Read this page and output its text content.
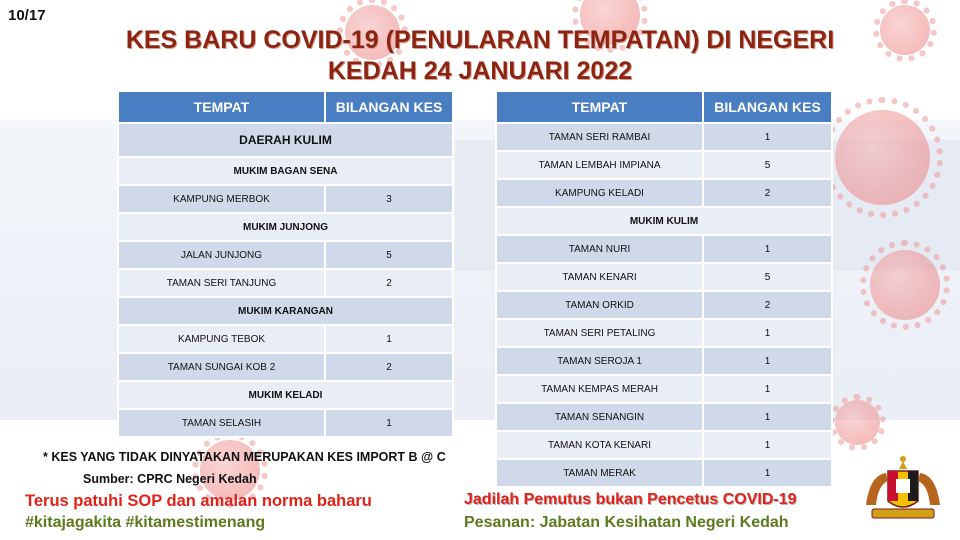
10/17
KES BARU COVID-19 (PENULARAN TEMPATAN) DI NEGERI
KEDAH 24 JANUARI 2022
TEMPAT	BILANGAN KES
DAERAH KULIM	
MUKIM BAGAN SENA	
KAMPUNG MERBOK	3
MUKIM JUNJONG	
JALAN JUNJONG	5
TAMAN SERI TANJUNG	2
MUKIM KARANGAN	
KAMPUNG TEBOK	1
TAMAN SUNGAI KOB 2	2
MUKIM KELADI	
TAMAN SELASIH	1
TEMPAT	BILANGAN KES
TAMAN SERI RAMBAI	1
TAMAN LEMBAH IMPIANA	5
KAMPUNG KELADI	2
MUKIM KULIM	
TAMAN NURI	1
TAMAN KENARI	5
TAMAN ORKID	2
TAMAN SERI PETALING	1
TAMAN SEROJA 1	1
TAMAN KEMPAS MERAH	1
TAMAN SENANGIN	1
TAMAN KOTA KENARI	1
TAMAN MERAK	1
* KES YANG TIDAK DINYATAKAN MERUPAKAN KES IMPORT B @ C
Sumber: CPRC Negeri Kedah
Terus patuhi SOP dan amalan norma baharu
#kitajagakita #kitamestimenang
Jadilah Pemutus bukan Pencetus COVID-19
Pesanan: Jabatan Kesihatan Negeri Kedah
